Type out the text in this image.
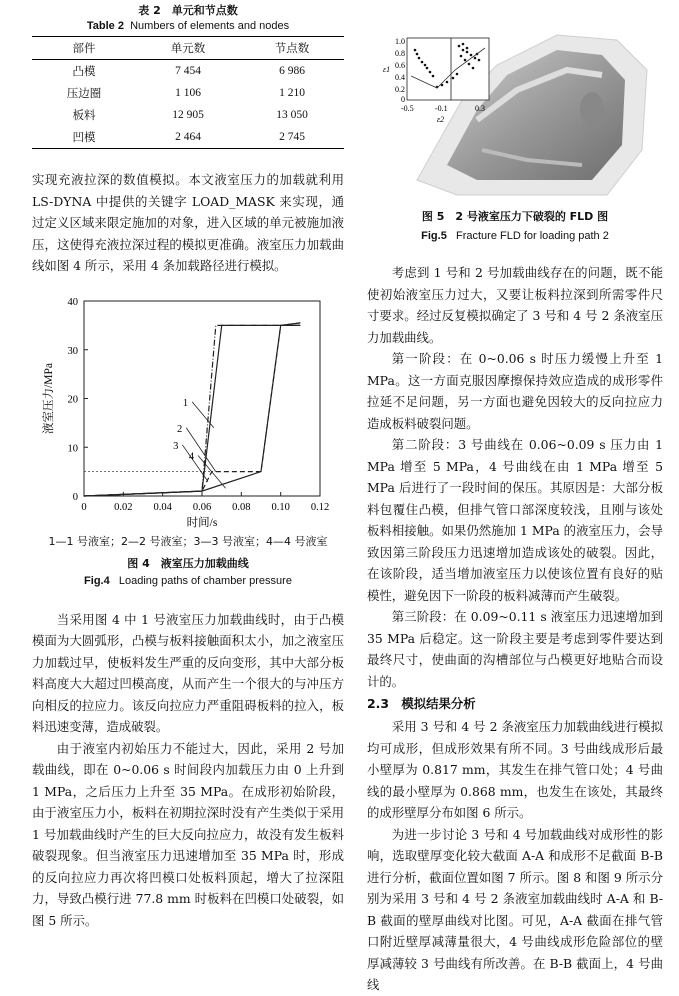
表 2　单元和节点数
Table 2 Numbers of elements and nodes
部件	单元数	节点数
凸模	7 454	6 986
压边圈	1 106	1 210
板料	12 905	13 050
凹模	2 464	2 745

实现充液拉深的数值模拟。本文液室压力的加载就利用 LS-DYNA 中提供的关键字 LOAD_MASK 来实现，通过定义区域来限定施加的对象，进入区域的单元被施加液压，这使得充液拉深过程的模拟更准确。液室压力加载曲线如图 4 所示，采用 4 条加载路径进行模拟。

0	0.02 0.04 0.06 0.08 0.10 0.12
0
10
20
30
40
时间/s
液室压力/MPa	2
1
3
4
1—1 号液室；2—2 号液室；3—3 号液室；4—4 号液室
图 4　液室压力加载曲线
Fig.4 Loading paths of chamber pressure

当采用图 4 中 1 号液室压力加载曲线时，由于凸模模面为大圆弧形，凸模与板料接触面积太小，加之液室压力加载过早，使板料发生严重的反向变形，其中大部分板料高度大大超过凹模高度，从而产生一个很大的与冲压方向相反的拉应力。该反向拉应力严重阻碍板料的拉入，板料迅速变薄，造成破裂。

由于液室内初始压力不能过大，因此，采用 2 号加载曲线，即在 0~0.06 s 时间段内加载压力由 0 上升到 1 MPa，之后压力上升至 35 MPa。在成形初始阶段，由于液室压力小，板料在初期拉深时没有产生类似于采用 1 号加载曲线时产生的巨大反向拉应力，故没有发生板料破裂现象。但当液室压力迅速增加至 35 MPa 时，形成的反向拉应力再次将凹模口处板料顶起，增大了拉深阻力，导致凸模行进 77.8 mm 时板料在凹模口处破裂，如图 5 所示。

1.0
0.8
0.6
0.4
0.2
0
ε1
-0.5	-0.1	0.3
ε2
图 5　2 号液室压力下破裂的 FLD 图
Fig.5 Fracture FLD for loading path 2

考虑到 1 号和 2 号加载曲线存在的问题，既不能使初始液室压力过大，又要让板料拉深到所需零件尺寸要求。经过反复模拟确定了 3 号和 4 号 2 条液室压力加载曲线。

第一阶段：在 0~0.06 s 时压力缓慢上升至 1 MPa。这一方面克服因摩擦保持效应造成的成形零件拉延不足问题，另一方面也避免因较大的反向拉应力造成板料破裂问题。

第二阶段：3 号曲线在 0.06~0.09 s 压力由 1 MPa 增至 5 MPa，4 号曲线在由 1 MPa 增至 5 MPa 后进行了一段时间的保压。其原因是：大部分板料包覆住凸模，但排气管口部深度较浅，且刚与该处板料相接触。如果仍然施加 1 MPa 的液室压力，会导致因第三阶段压力迅速增加造成该处的破裂。因此，在该阶段，适当增加液室压力以使该位置有良好的贴模性，避免因下一阶段的板料减薄而产生破裂。

第三阶段：在 0.09~0.11 s 液室压力迅速增加到 35 MPa 后稳定。这一阶段主要是考虑到零件要达到最终尺寸，使曲面的沟槽部位与凸模更好地贴合而设计的。

2.3　模拟结果分析

采用 3 号和 4 号 2 条液室压力加载曲线进行模拟均可成形，但成形效果有所不同。3 号曲线成形后最小壁厚为 0.817 mm，其发生在排气管口处；4 号曲线的最小壁厚为 0.868 mm，也发生在该处，其最终的成形壁厚分布如图 6 所示。

为进一步讨论 3 号和 4 号加载曲线对成形性的影响，选取壁厚变化较大截面 A-A 和成形不足截面 B-B 进行分析，截面位置如图 7 所示。图 8 和图 9 所示分别为采用 3 号和 4 号 2 条液室加载曲线时 A-A 和 B-B 截面的壁厚曲线对比图。可见，A-A 截面在排气管口附近壁厚减薄量很大，4 号曲线成形危险部位的壁厚减薄较 3 号曲线有所改善。在 B-B 截面上，4 号曲线
